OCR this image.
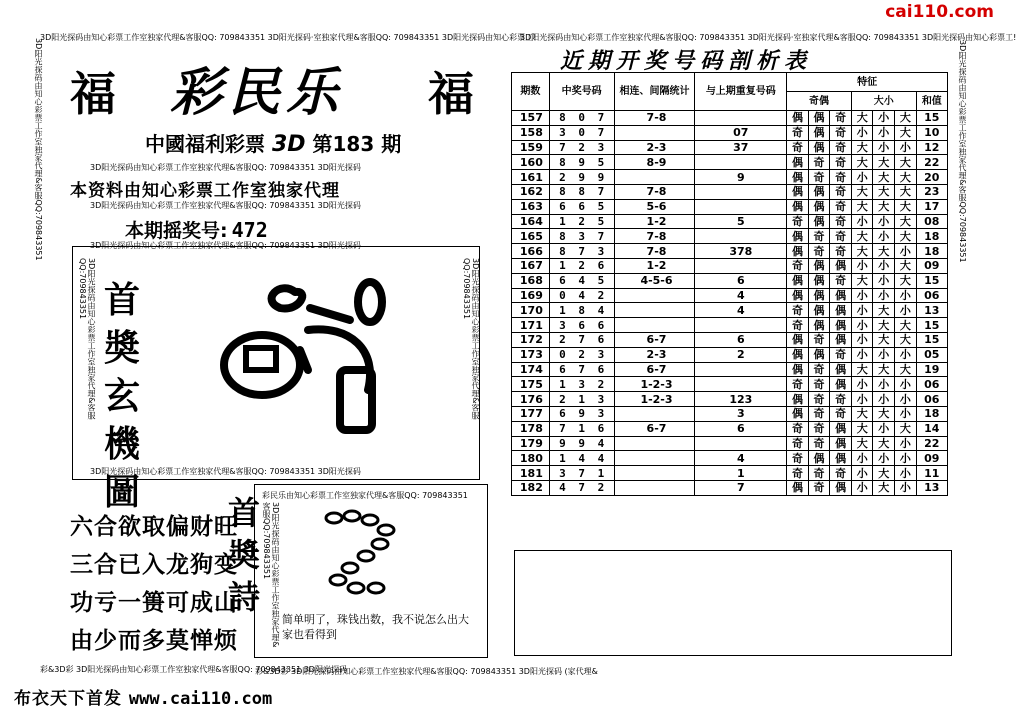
cai110.com
3D阳光探码由知心彩票工作室独家代理&客服QQ: 709843351 3D阳光探码·室独家代理&客服QQ: 709843351 3D阳光探码由知心彩票工!
3D阳光探码由知心彩票工作室独家代理&客服QQ: 709843351 3D阳光探码·室独家代理&客服QQ: 709843351 3D阳光探码由知心彩票工!
3D阳光探码由知心彩票工作室独家代理&客服QQ:709843351	3D阳光探码由知心彩票工作室独家代理&客服QQ:709843351
福	福
彩民乐
中國福利彩票 3D 第183 期
3D阳光探码由知心彩票工作室独家代理&客服QQ: 709843351 3D阳光探码
本资料由知心彩票工作室独家代理
3D阳光探码由知心彩票工作室独家代理&客服QQ: 709843351 3D阳光探码
本期摇奖号: 472
3D阳光探码由知心彩票工作室独家代理&客服QQ: 709843351 3D阳光探码
3D阳光探码由知心彩票工作室独家代理&客服QQ:709843351	3D阳光探码由知心彩票工作室独家代理&客服QQ:709843351
首奬玄機圖
3D阳光探码由知心彩票工作室独家代理&客服QQ: 709843351 3D阳光探码
六合欲取偏财旺
三合已入龙狗变
功亏一篑可成山
由少而多莫惮烦
首奬詩
彩民乐由知心彩票工作室独家代理&客服QQ: 709843351
3D阳光探码由知心彩票工作室独家代理&客服QQ:709843351
简单明了，珠钱出数，我不说怎么出大家也看得到
彩&3D彩 3D阳光探码由知心彩票工作室独家代理&客服QQ: 709843351 3D阳光探码
布衣天下首发 www.cai110.com
近期开奖号码剖析表
期数	中奖号码	相连、间隔统计	与上期重复号码	特征						
				奇偶			大小			和值
157	8 0 7	7-8		偶	偶	奇	大	小	大	15
158	3 0 7		07	奇	偶	奇	小	小	大	10
159	7 2 3	2-3	37	奇	偶	奇	大	小	小	12
160	8 9 5	8-9		偶	奇	奇	大	大	大	22
161	2 9 9		9	偶	奇	奇	小	大	大	20
162	8 8 7	7-8		偶	偶	奇	大	大	大	23
163	6 6 5	5-6		偶	偶	奇	大	大	大	17
164	1 2 5	1-2	5	奇	偶	奇	小	小	大	08
165	8 3 7	7-8		偶	奇	奇	大	小	大	18
166	8 7 3	7-8	378	偶	奇	奇	大	大	小	18
167	1 2 6	1-2		奇	偶	偶	小	小	大	09
168	6 4 5	4-5-6	6	偶	偶	奇	大	小	大	15
169	0 4 2		4	偶	偶	偶	小	小	小	06
170	1 8 4		4	奇	偶	偶	小	大	小	13
171	3 6 6			奇	偶	偶	小	大	大	15
172	2 7 6	6-7	6	偶	奇	偶	小	大	大	15
173	0 2 3	2-3	2	偶	偶	奇	小	小	小	05
174	6 7 6	6-7		偶	奇	偶	大	大	大	19
175	1 3 2	1-2-3		奇	奇	偶	小	小	小	06
176	2 1 3	1-2-3	123	偶	奇	奇	小	小	小	06
177	6 9 3		3	偶	奇	奇	大	大	小	18
178	7 1 6	6-7	6	奇	奇	偶	大	小	大	14
179	9 9 4			奇	奇	偶	大	大	小	22
180	1 4 4		4	奇	偶	偶	小	小	小	09
181	3 7 1		1	奇	奇	奇	小	大	小	11
182	4 7 2		7	偶	奇	偶	小	大	小	13
彩&3D彩 3D阳光探码由知心彩票工作室独家代理&客服QQ: 709843351 3D阳光探码 (家代理&
